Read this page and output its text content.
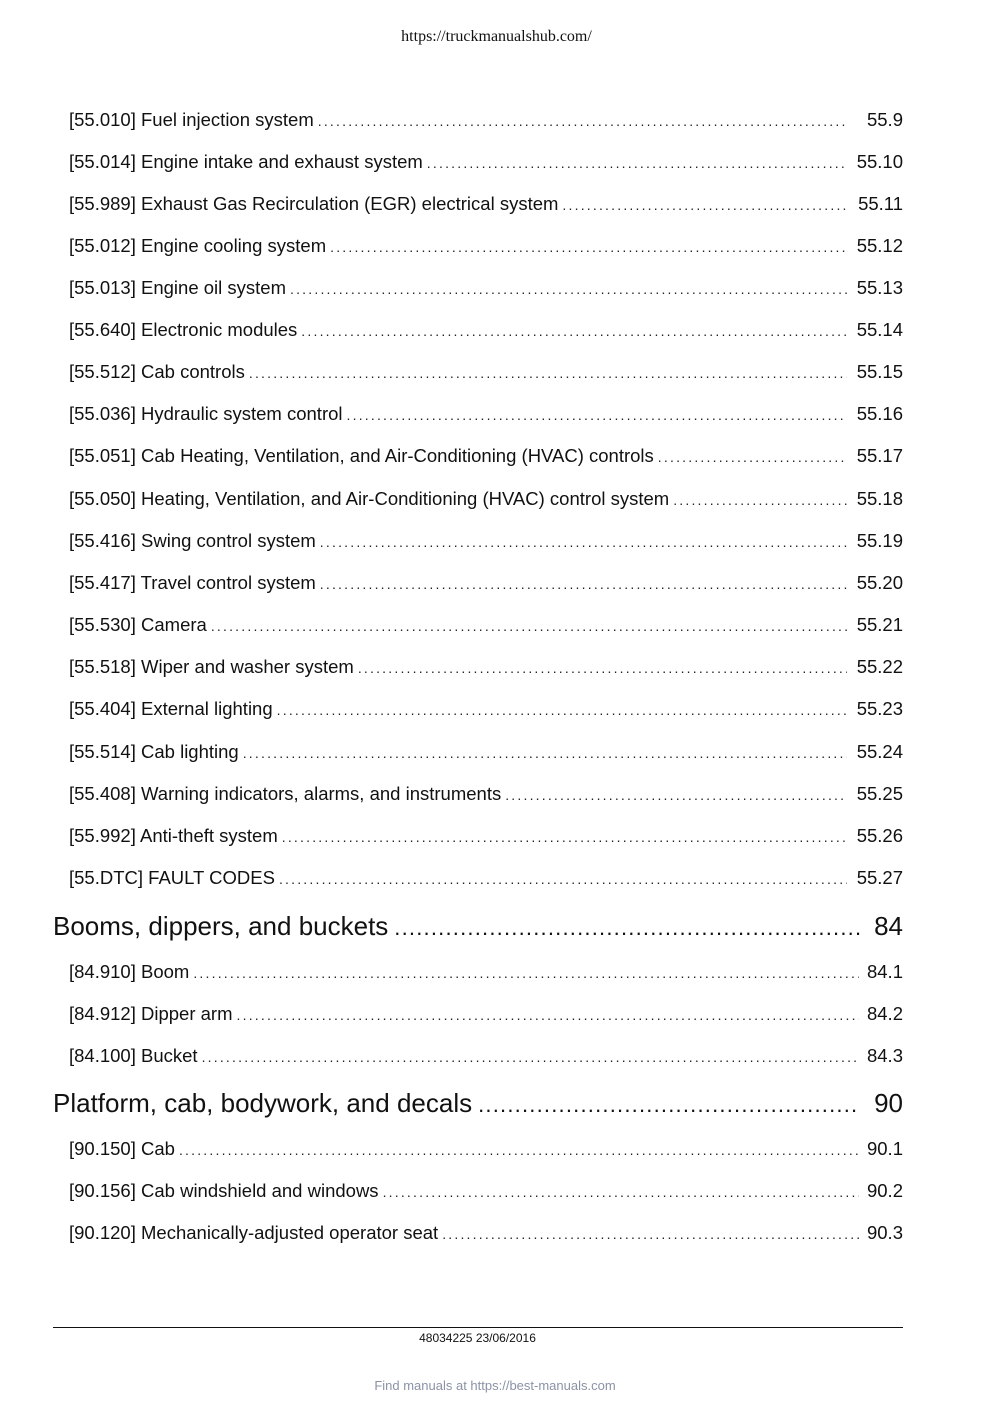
https://truckmanualshub.com/
[55.010] Fuel injection system .....	55.9
[55.014] Engine intake and exhaust system .....	55.10
[55.989] Exhaust Gas Recirculation (EGR) electrical system .....	55.11
[55.012] Engine cooling system .....	55.12
[55.013] Engine oil system .....	55.13
[55.640] Electronic modules .....	55.14
[55.512] Cab controls .....	55.15
[55.036] Hydraulic system control .....	55.16
[55.051] Cab Heating, Ventilation, and Air-Conditioning (HVAC) controls .....	55.17
[55.050] Heating, Ventilation, and Air-Conditioning (HVAC) control system .....	55.18
[55.416] Swing control system .....	55.19
[55.417] Travel control system .....	55.20
[55.530] Camera .....	55.21
[55.518] Wiper and washer system .....	55.22
[55.404] External lighting .....	55.23
[55.514] Cab lighting .....	55.24
[55.408] Warning indicators, alarms, and instruments .....	55.25
[55.992] Anti-theft system .....	55.26
[55.DTC] FAULT CODES .....	55.27
Booms, dippers, and buckets .....	84
[84.910] Boom .....	84.1
[84.912] Dipper arm .....	84.2
[84.100] Bucket .....	84.3
Platform, cab, bodywork, and decals .....	90
[90.150] Cab .....	90.1
[90.156] Cab windshield and windows .....	90.2
[90.120] Mechanically-adjusted operator seat .....	90.3
48034225 23/06/2016
Find manuals at https://best-manuals.com
